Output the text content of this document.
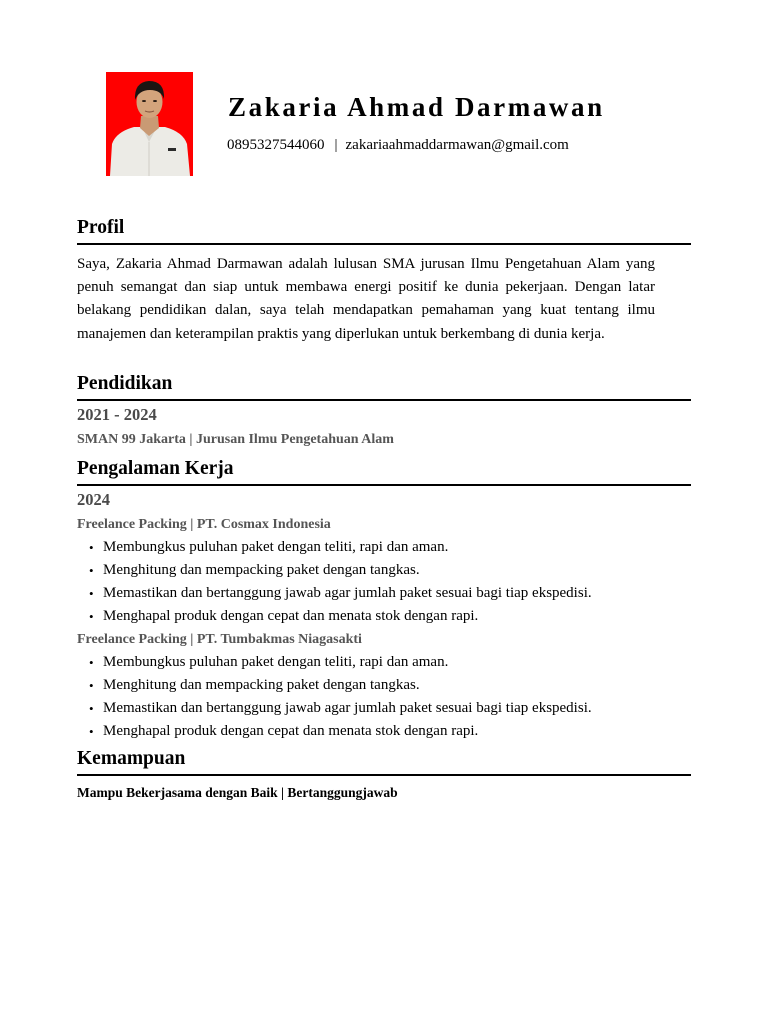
Zakaria Ahmad Darmawan
0895327544060 | zakariaahmaddarmawan@gmail.com
Profil
Saya, Zakaria Ahmad Darmawan adalah lulusan SMA jurusan Ilmu Pengetahuan Alam yang penuh semangat dan siap untuk membawa energi positif ke dunia pekerjaan. Dengan latar belakang pendidikan dalan, saya telah mendapatkan pemahaman yang kuat tentang ilmu manajemen dan keterampilan praktis yang diperlukan untuk berkembang di dunia kerja.
Pendidikan
2021 - 2024
SMAN 99 Jakarta | Jurusan Ilmu Pengetahuan Alam
Pengalaman Kerja
2024
Freelance Packing | PT. Cosmax Indonesia
• Membungkus puluhan paket dengan teliti, rapi dan aman.
• Menghitung dan mempacking paket dengan tangkas.
• Memastikan dan bertanggung jawab agar jumlah paket sesuai bagi tiap ekspedisi.
• Menghapal produk dengan cepat dan menata stok dengan rapi.
Freelance Packing | PT. Tumbakmas Niagasakti
• Membungkus puluhan paket dengan teliti, rapi dan aman.
• Menghitung dan mempacking paket dengan tangkas.
• Memastikan dan bertanggung jawab agar jumlah paket sesuai bagi tiap ekspedisi.
• Menghapal produk dengan cepat dan menata stok dengan rapi.
Kemampuan
Mampu Bekerjasama dengan Baik | Bertanggungjawab
